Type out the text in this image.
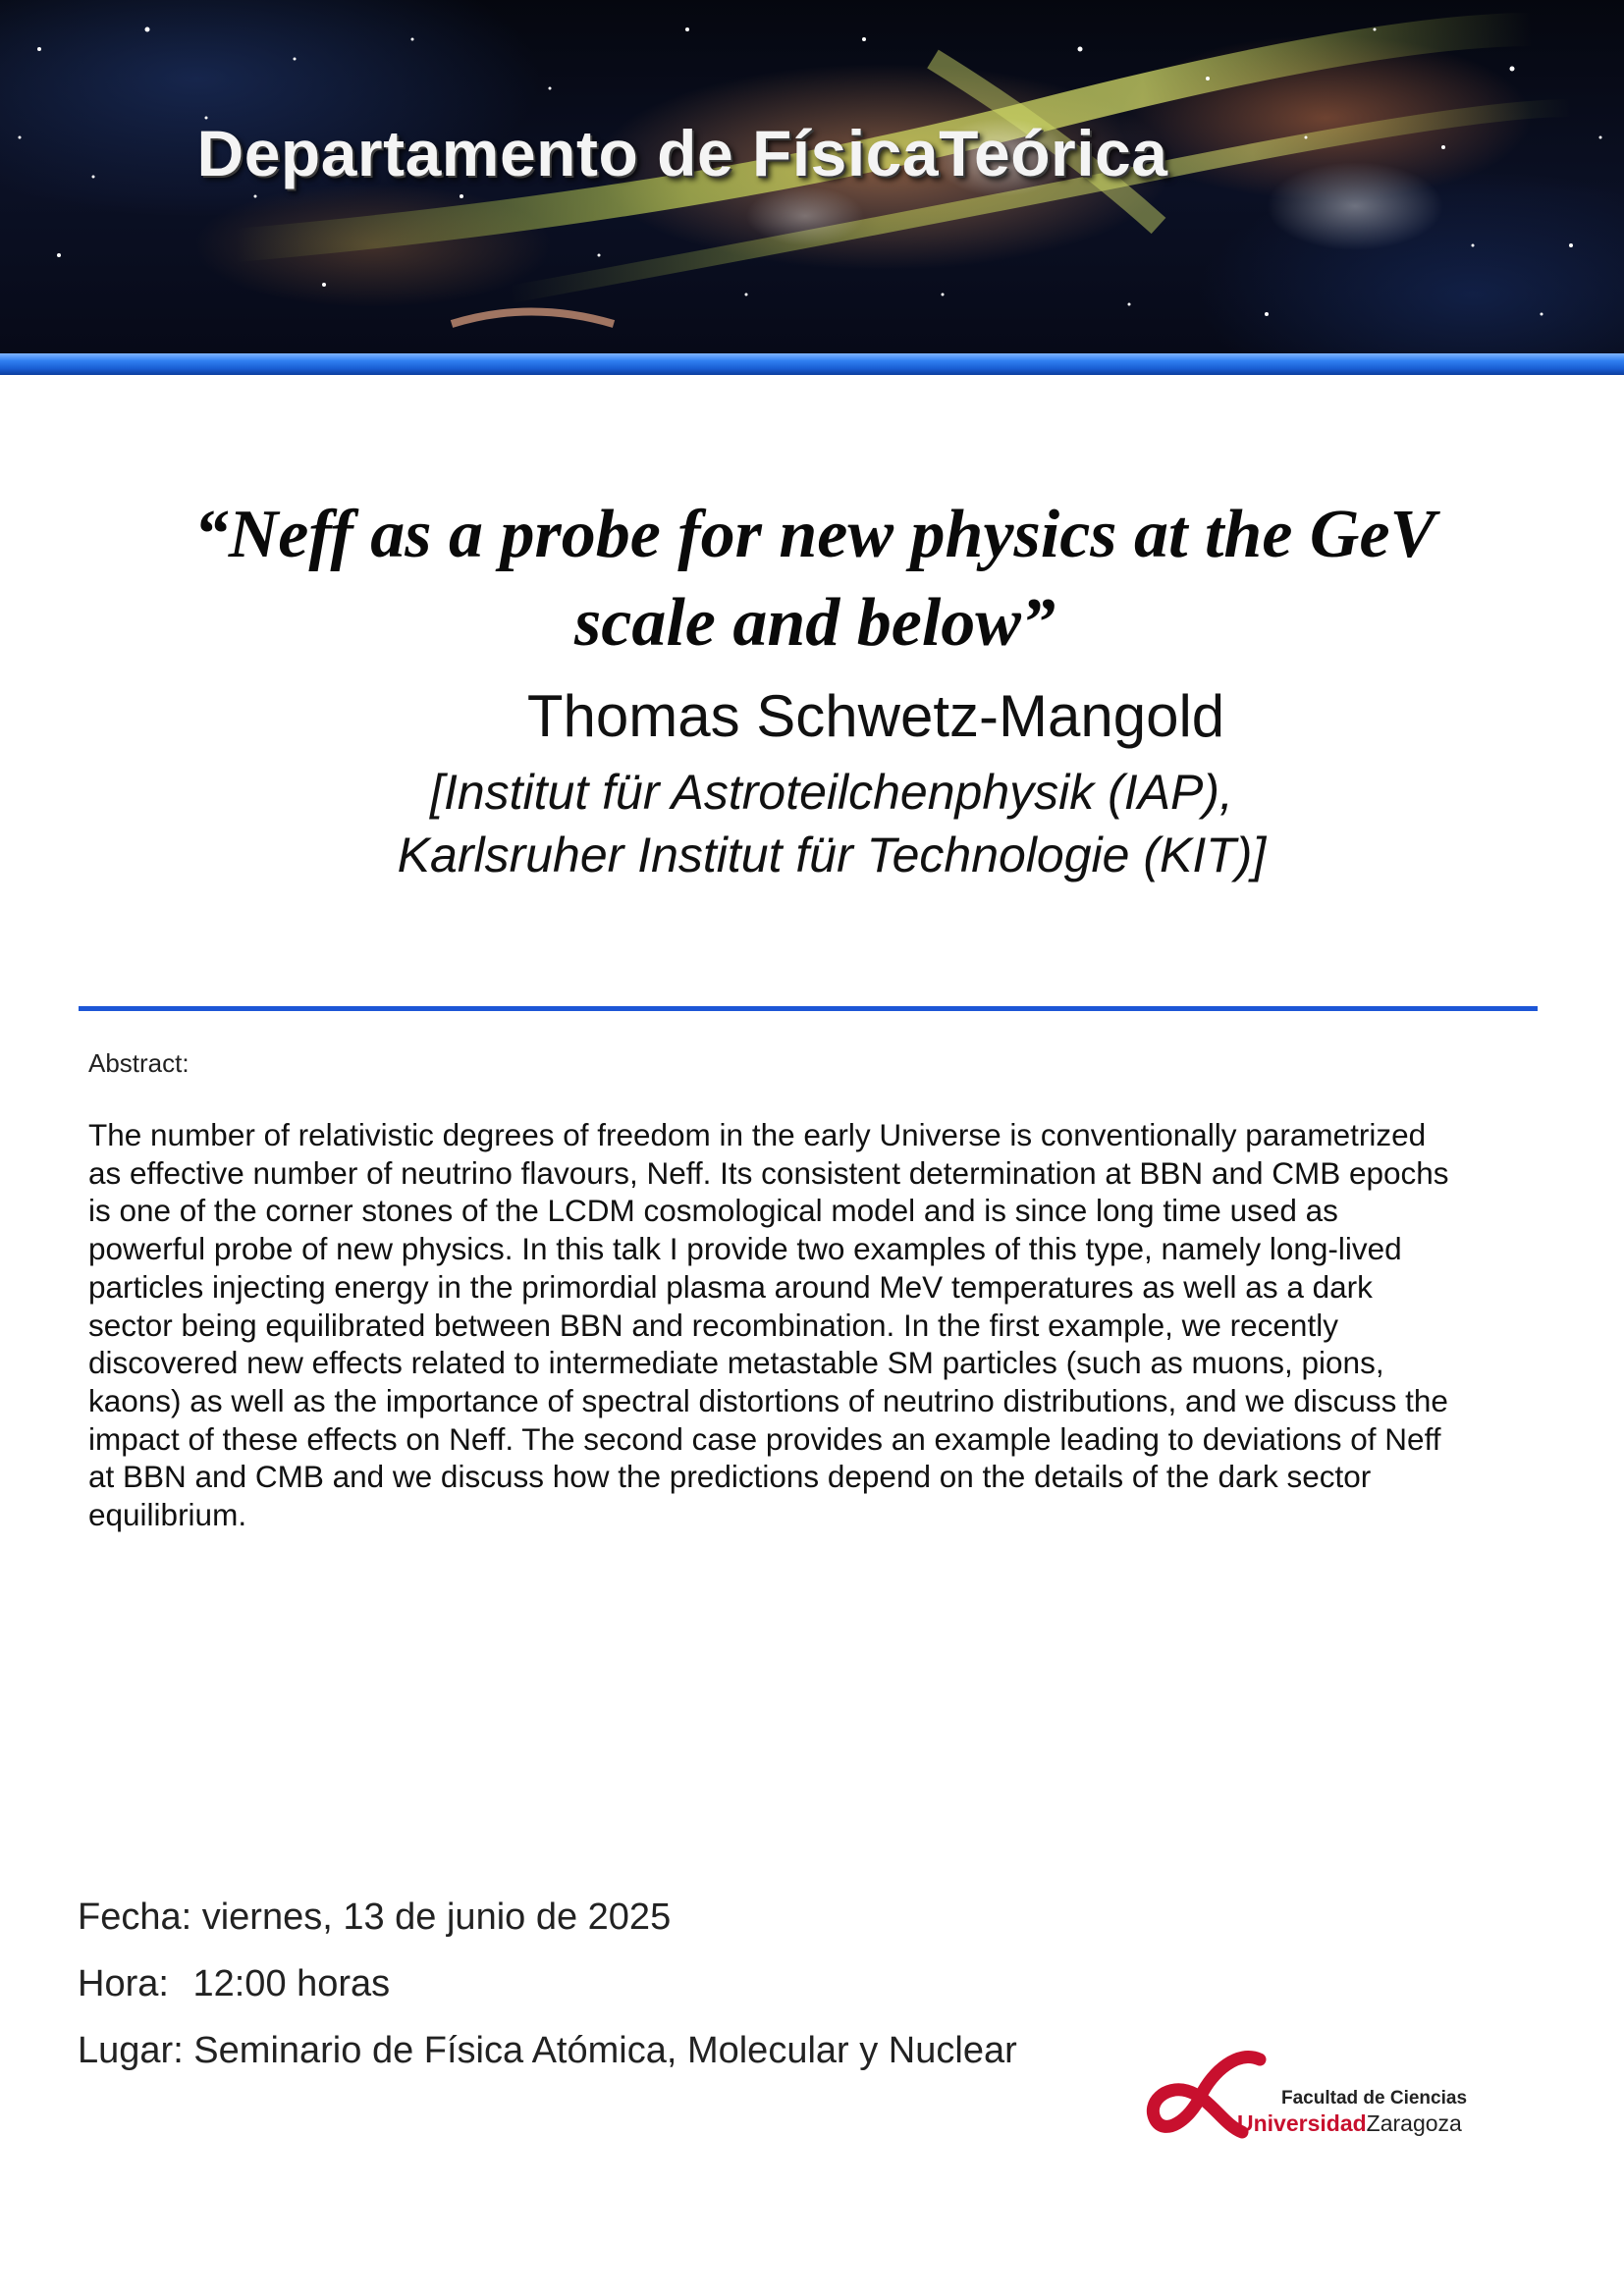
Departamento de FísicaTeórica
“Neff as a probe for new physics at the GeV
scale and below”
Thomas Schwetz-Mangold
[Institut für Astroteilchenphysik (IAP),
Karlsruher Institut für Technologie (KIT)]
Abstract:
The number of relativistic degrees of freedom in the early Universe is conventionally parametrized
as effective number of neutrino flavours, Neff. Its consistent determination at BBN and CMB epochs
is one of the corner stones of the LCDM cosmological model and is since long time used as
powerful probe of new physics. In this talk I provide two examples of this type, namely long-lived
particles injecting energy in the primordial plasma around MeV temperatures as well as a dark
sector being equilibrated between BBN and recombination. In the first example, we recently
discovered new effects related to intermediate metastable SM particles (such as muons, pions,
kaons) as well as the importance of spectral distortions of neutrino distributions, and we discuss the
impact of these effects on Neff. The second case provides an example leading to deviations of Neff
at BBN and CMB and we discuss how the predictions depend on the details of the dark sector
equilibrium.
Fecha: viernes, 13 de junio de 2025
Hora: 12:00 horas
Lugar: Seminario de Física Atómica, Molecular y Nuclear
Facultad de Ciencias
UniversidadZaragoza
